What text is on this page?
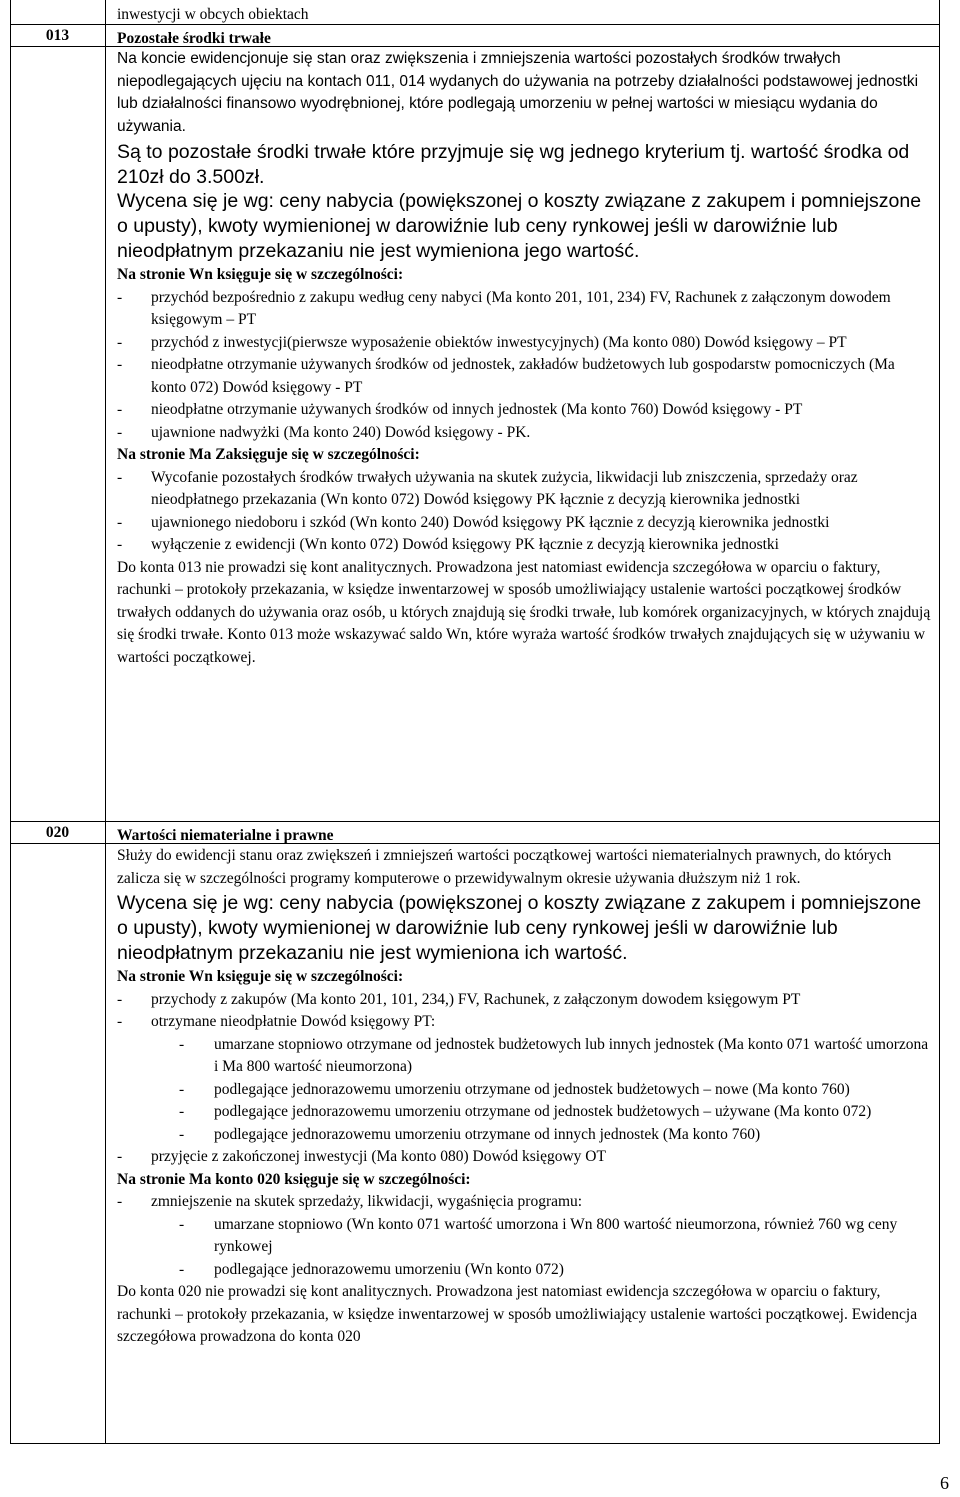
inwestycji w obcych obiektach
013	Pozostałe środki trwałe

Na koncie ewidencjonuje się stan oraz zwiększenia i zmniejszenia wartości pozostałych środków trwałych niepodlegających ujęciu na kontach 011, 014 wydanych do używania na potrzeby działalności podstawowej jednostki lub działalności finansowo wyodrębnionej, które podlegają umorzeniu w pełnej wartości w miesiącu wydania do używania.

Są to pozostałe środki trwałe które przyjmuje się wg jednego kryterium tj. wartość środka od 210zł do 3.500zł.

Wycena się je wg: ceny nabycia (powiększonej o koszty związane z zakupem i pomniejszone o upusty), kwoty wymienionej w darowiźnie lub ceny rynkowej jeśli w darowiźnie lub nieodpłatnym przekazaniu nie jest wymieniona jego wartość.

Na stronie Wn księguje się w szczególności:

- przychód bezpośrednio z zakupu według ceny nabyci (Ma konto 201, 101, 234) FV, Rachunek z załączonym dowodem księgowym – PT

- przychód z inwestycji(pierwsze wyposażenie obiektów inwestycyjnych) (Ma konto 080) Dowód księgowy – PT

- nieodpłatne otrzymanie używanych środków od jednostek, zakładów budżetowych lub gospodarstw pomocniczych (Ma konto 072) Dowód księgowy - PT

- nieodpłatne otrzymanie używanych środków od innych jednostek (Ma konto 760) Dowód księgowy - PT

- ujawnione nadwyżki (Ma konto 240) Dowód księgowy - PK.

Na stronie Ma Zaksięguje się w szczególności:

- Wycofanie pozostałych środków trwałych używania na skutek zużycia, likwidacji lub zniszczenia, sprzedaży oraz nieodpłatnego przekazania (Wn konto 072) Dowód księgowy PK łącznie z decyzją kierownika jednostki

- ujawnionego niedoboru i szkód (Wn konto 240) Dowód księgowy PK łącznie z decyzją kierownika jednostki

- wyłączenie z ewidencji (Wn konto 072) Dowód księgowy PK łącznie z decyzją kierownika jednostki

Do konta 013 nie prowadzi się kont analitycznych. Prowadzona jest natomiast ewidencja szczegółowa w oparciu o faktury, rachunki – protokoły przekazania, w księdze inwentarzowej w sposób umożliwiający ustalenie wartości początkowej środków trwałych oddanych do używania oraz osób, u których znajdują się środki trwałe, lub komórek organizacyjnych, w których znajdują się środki trwałe. Konto 013 może wskazywać saldo Wn, które wyraża wartość środków trwałych znajdujących się w używaniu w wartości początkowej.

020	Wartości niematerialne i prawne

Służy do ewidencji stanu oraz zwiększeń i zmniejszeń wartości początkowej wartości niematerialnych prawnych, do których zalicza się w szczególności programy komputerowe o przewidywalnym okresie używania dłuższym niż 1 rok.

Wycena się je wg: ceny nabycia (powiększonej o koszty związane z zakupem i pomniejszone o upusty), kwoty wymienionej w darowiźnie lub ceny rynkowej jeśli w darowiźnie lub nieodpłatnym przekazaniu nie jest wymieniona ich wartość.

Na stronie Wn księguje się w szczególności:

- przychody z zakupów (Ma konto 201, 101, 234,) FV, Rachunek, z załączonym dowodem księgowym PT

- otrzymane nieodpłatnie Dowód księgowy PT:

- umarzane stopniowo otrzymane od jednostek budżetowych lub innych jednostek (Ma konto 071 wartość umorzona i Ma 800 wartość nieumorzona)

- podlegające jednorazowemu umorzeniu otrzymane od jednostek budżetowych – nowe (Ma konto 760)

- podlegające jednorazowemu umorzeniu otrzymane od jednostek budżetowych – używane (Ma konto 072)

- podlegające jednorazowemu umorzeniu otrzymane od innych jednostek (Ma konto 760)

- przyjęcie z zakończonej inwestycji (Ma konto 080) Dowód księgowy OT

Na stronie Ma konto 020 księguje się w szczególności:

- zmniejszenie na skutek sprzedaży, likwidacji, wygaśnięcia programu:

- umarzane stopniowo (Wn konto 071 wartość umorzona i Wn 800 wartość nieumorzona, również 760 wg ceny rynkowej

- podlegające jednorazowemu umorzeniu (Wn konto 072)

Do konta 020 nie prowadzi się kont analitycznych. Prowadzona jest natomiast ewidencja szczegółowa w oparciu o faktury, rachunki – protokoły przekazania, w księdze inwentarzowej w sposób umożliwiający ustalenie wartości początkowej. Ewidencja szczegółowa prowadzona do konta 020

6
